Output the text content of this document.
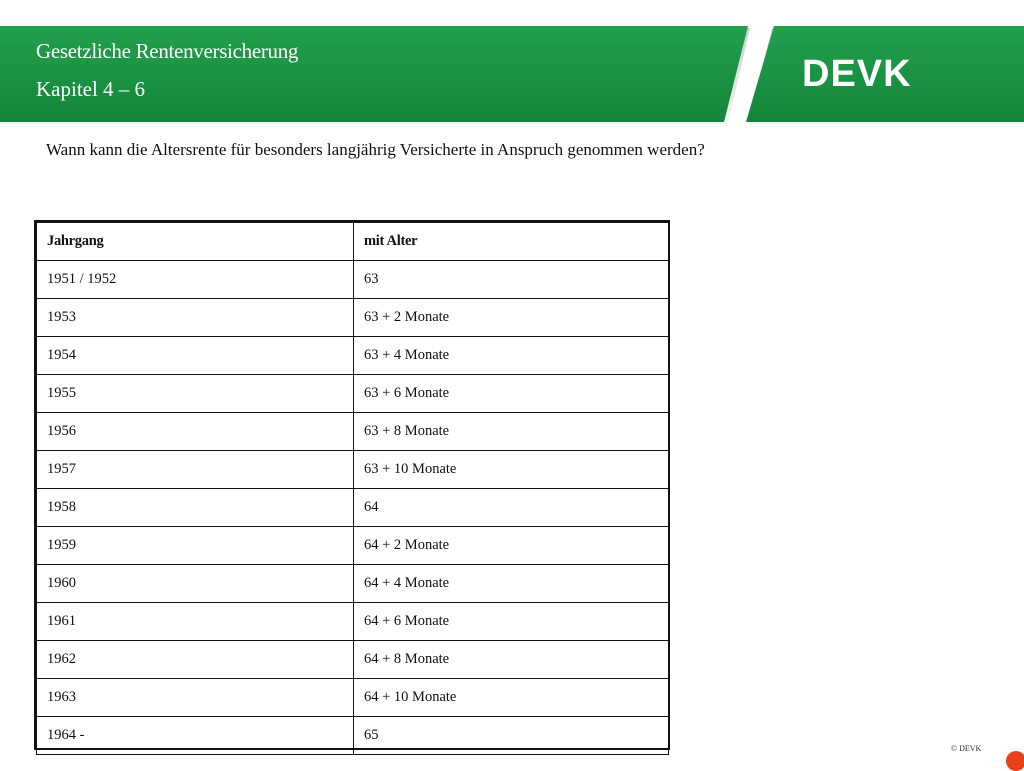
Gesetzliche Rentenversicherung
Kapitel 4 – 6	DEVK
Wann kann die Altersrente für besonders langjährig Versicherte in Anspruch genommen werden?
Jahrgang	mit Alter
1951 / 1952	63
1953	63 + 2 Monate
1954	63 + 4 Monate
1955	63 + 6 Monate
1956	63 + 8 Monate
1957	63 + 10 Monate
1958	64
1959	64 + 2 Monate
1960	64 + 4 Monate
1961	64 + 6 Monate
1962	64 + 8 Monate
1963	64 + 10 Monate
1964 -	65
© DEVK
